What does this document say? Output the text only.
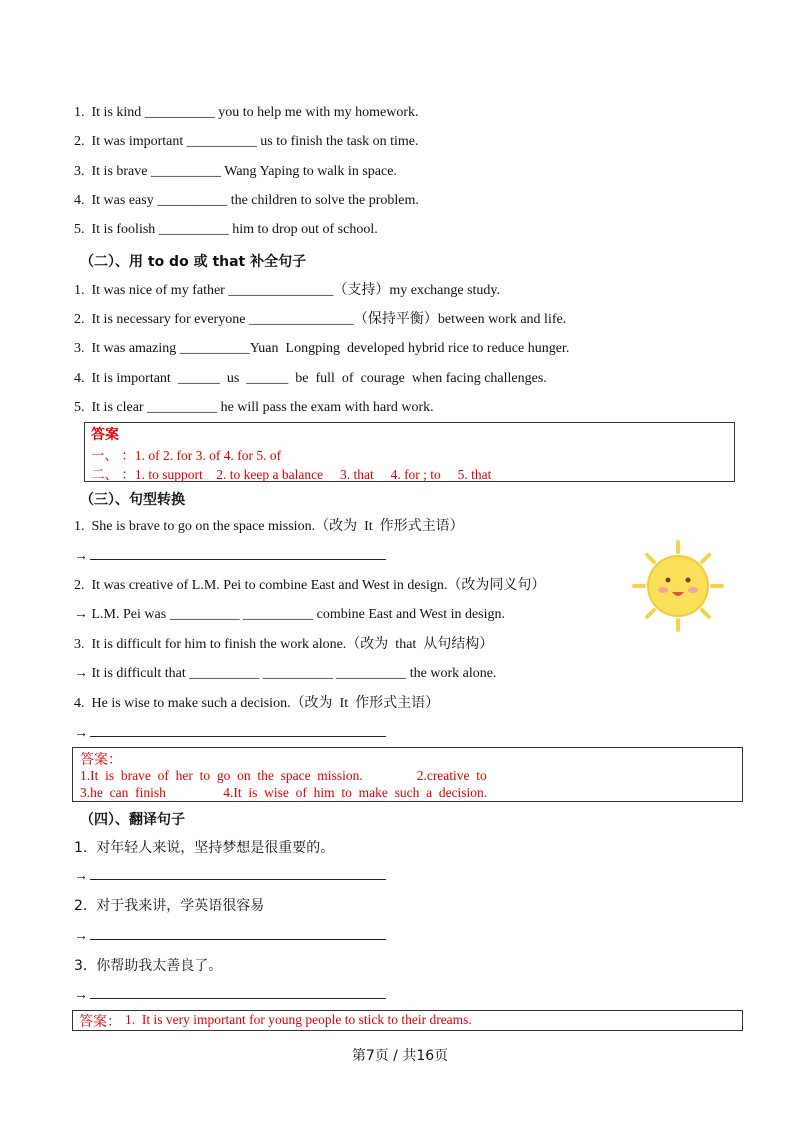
1.  It is kind __________ you to help me with my homework.
2.  It was important __________ us to finish the task on time.
3.  It is brave __________ Wang Yaping to walk in space.
4.  It was easy __________ the children to solve the problem.
5.  It is foolish __________ him to drop out of school.
（二）、用 to do 或 that 补全句子
1.  It was nice of my father _______________（支持）my exchange study.
2.  It is necessary for everyone _______________（保持平衡）between work and life.
3.  It was amazing __________Yuan  Longping  developed hybrid rice to reduce hunger.
4.  It is important  ______  us  ______  be  full  of  courage  when facing challenges.
5.  It is clear __________ he will pass the exam with hard work.
答案
一、 ：1. of 2. for 3. of 4. for 5. of
二、 ：1. to support    2. to keep a balance     3. that     4. for ; to     5. that
（三）、句型转换
1.  She is brave to go on the space mission.（改为  It  作形式主语）
→
2.  It was creative of L.M. Pei to combine East and West in design.（改为同义句）
→ L.M. Pei was __________ __________ combine East and West in design.
3.  It is difficult for him to finish the work alone.（改为  that  从句结构）
→ It is difficult that __________ __________ __________ the work alone.
4.  He is wise to make such a decision.（改为  It  作形式主语）
→
答案：
1.It  is  brave  of  her  to  go  on  the  space  mission.                2.creative  to
3.he  can  finish                 4.It  is  wise  of  him  to  make  such  a  decision.
（四）、翻译句子
1.  对年轻人来说，坚持梦想是很重要的。
→
2.  对于我来讲，学英语很容易
→
3.  你帮助我太善良了。
→
答案： 1.  It is very important for young people to stick to their dreams.
第7页 / 共16页
